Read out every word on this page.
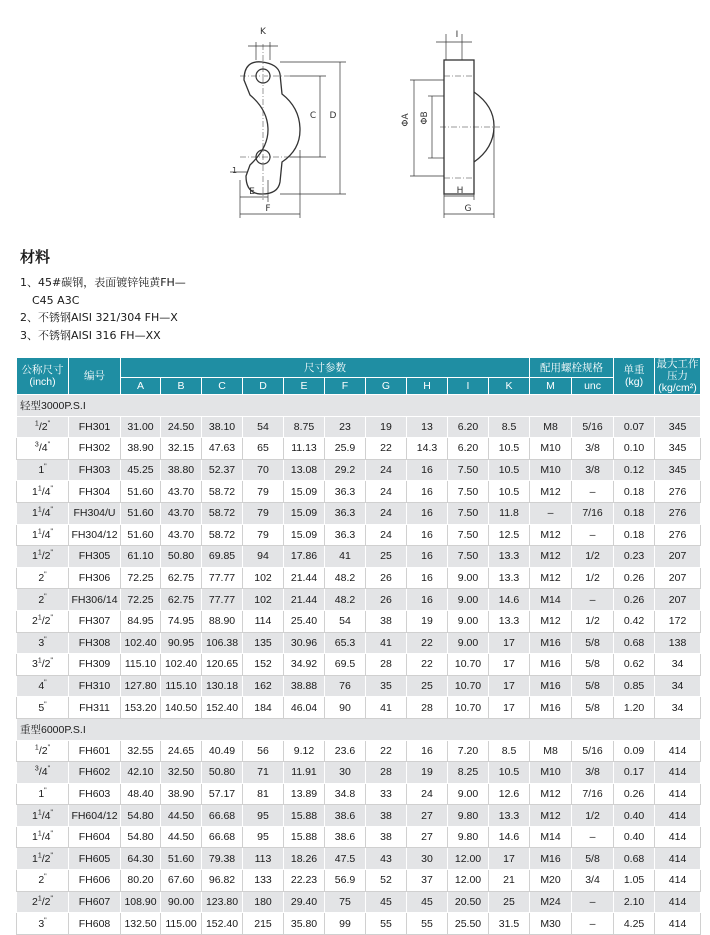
K
C D
1
E
F
I
ΦA ΦB
H
G
材料
1、45#碳钢，表面镀锌钝黄FH—
C45 A3C
2、不锈钢AISI 321/304 FH—X
3、不锈钢AISI 316 FH—XX
公称尺寸
(inch)	编号	尺寸参数										配用螺栓规格		单重
(kg)	最大工作压力
(kg/cm²)
		A	B	C	D	E	F	G	H	I	K	M	unc		
轻型3000P.S.I															
$^1$/2"	FH301	31.00	24.50	38.10	54	8.75	23	19	13	6.20	8.5	M8	5/16	0.07	345
$^3$/4"	FH302	38.90	32.15	47.63	65	11.13	25.9	22	14.3	6.20	10.5	M10	3/8	0.10	345
1"	FH303	45.25	38.80	52.37	70	13.08	29.2	24	16	7.50	10.5	M10	3/8	0.12	345
$1^1/4^"$	FH304	51.60	43.70	58.72	79	15.09	36.3	24	16	7.50	10.5	M12	–	0.18	276
$1^1/4^"$	FH304/U	51.60	43.70	58.72	79	15.09	36.3	24	16	7.50	11.8	–	7/16	0.18	276
$1^1/4^"$	FH304/12	51.60	43.70	58.72	79	15.09	36.3	24	16	7.50	12.5	M12	–	0.18	276
$1^1/2^"$	FH305	61.10	50.80	69.85	94	17.86	41	25	16	7.50	13.3	M12	1/2	0.23	207
2"	FH306	72.25	62.75	77.77	102	21.44	48.2	26	16	9.00	13.3	M12	1/2	0.26	207
2"	FH306/14	72.25	62.75	77.77	102	21.44	48.2	26	16	9.00	14.6	M14	–	0.26	207
$2^1/2^"$	FH307	84.95	74.95	88.90	114	25.40	54	38	19	9.00	13.3	M12	1/2	0.42	172
3"	FH308	102.40	90.95	106.38	135	30.96	65.3	41	22	9.00	17	M16	5/8	0.68	138
$3^1/2^"$	FH309	115.10	102.40	120.65	152	34.92	69.5	28	22	10.70	17	M16	5/8	0.62	34
4"	FH310	127.80	115.10	130.18	162	38.88	76	35	25	10.70	17	M16	5/8	0.85	34
5"	FH311	153.20	140.50	152.40	184	46.04	90	41	28	10.70	17	M16	5/8	1.20	34
重型6000P.S.I															
$^1$/2"	FH601	32.55	24.65	40.49	56	9.12	23.6	22	16	7.20	8.5	M8	5/16	0.09	414
$^3$/4"	FH602	42.10	32.50	50.80	71	11.91	30	28	19	8.25	10.5	M10	3/8	0.17	414
1"	FH603	48.40	38.90	57.17	81	13.89	34.8	33	24	9.00	12.6	M12	7/16	0.26	414
$1^1/4^"$	FH604/12	54.80	44.50	66.68	95	15.88	38.6	38	27	9.80	13.3	M12	1/2	0.40	414
$1^1/4^"$	FH604	54.80	44.50	66.68	95	15.88	38.6	38	27	9.80	14.6	M14	–	0.40	414
$1^1/2^"$	FH605	64.30	51.60	79.38	113	18.26	47.5	43	30	12.00	17	M16	5/8	0.68	414
2"	FH606	80.20	67.60	96.82	133	22.23	56.9	52	37	12.00	21	M20	3/4	1.05	414
$2^1/2^"$	FH607	108.90	90.00	123.80	180	29.40	75	45	45	20.50	25	M24	–	2.10	414
3"	FH608	132.50	115.00	152.40	215	35.80	99	55	55	25.50	31.5	M30	–	4.25	414
